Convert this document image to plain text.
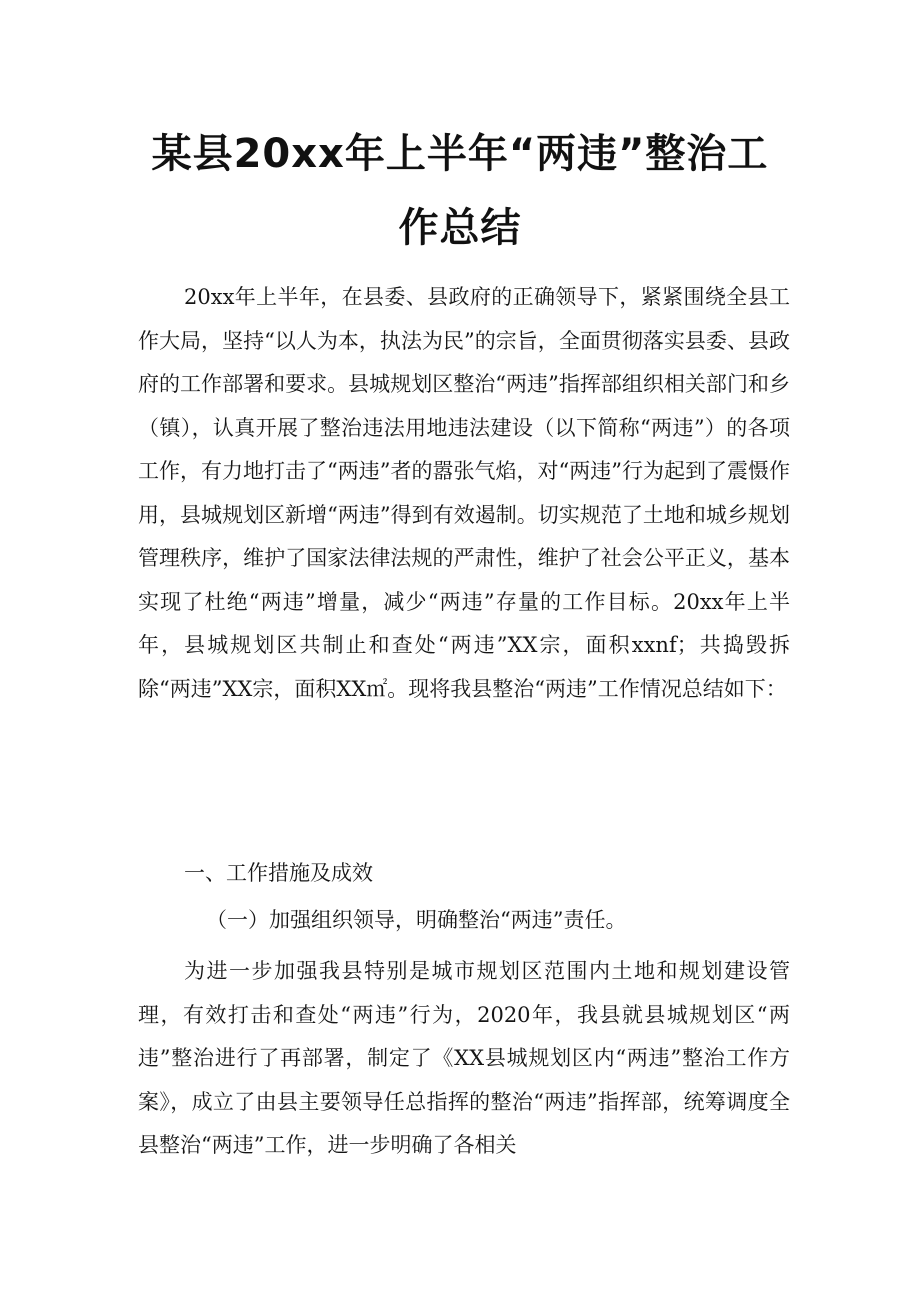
某县20xx年上半年“两违”整治工
作总结

20xx年上半年，在县委、县政府的正确领导下，紧紧围绕全县工作大局，坚持“以人为本，执法为民”的宗旨，全面贯彻落实县委、县政府的工作部署和要求。县城规划区整治“两违”指挥部组织相关部门和乡（镇），认真开展了整治违法用地违法建设（以下简称“两违”）的各项工作，有力地打击了“两违”者的嚣张气焰，对“两违”行为起到了震慑作用，县城规划区新增“两违”得到有效遏制。切实规范了土地和城乡规划管理秩序，维护了国家法律法规的严肃性，维护了社会公平正义，基本实现了杜绝“两违”增量，减少“两违”存量的工作目标。20xx年上半年，县城规划区共制止和查处“两违”XX宗，面积xxnf；共捣毁拆除“两违”XX宗，面积XX㎡。现将我县整治“两违”工作情况总结如下：

一、工作措施及成效

（一）加强组织领导，明确整治“两违”责任。

为进一步加强我县特别是城市规划区范围内土地和规划建设管理，有效打击和查处“两违”行为，2020年，我县就县城规划区“两违”整治进行了再部署，制定了《XX县城规划区内“两违”整治工作方案》，成立了由县主要领导任总指挥的整治“两违”指挥部，统筹调度全县整治“两违”工作，进一步明确了各相关
